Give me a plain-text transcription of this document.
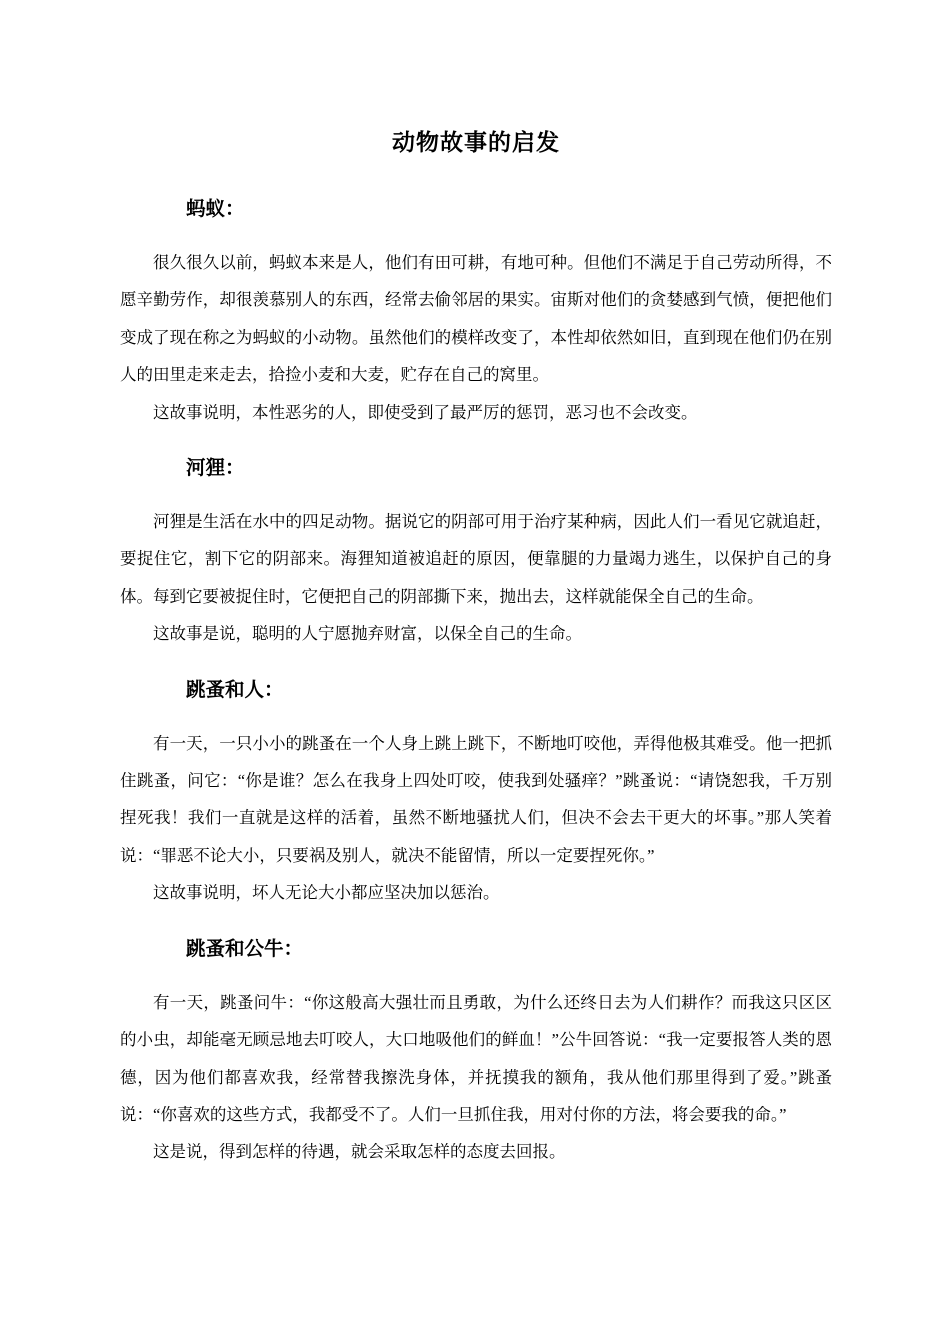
动物故事的启发
蚂蚁：

很久很久以前，蚂蚁本来是人，他们有田可耕，有地可种。但他们不满足于自己劳动所得，不愿辛勤劳作，却很羡慕别人的东西，经常去偷邻居的果实。宙斯对他们的贪婪感到气愤，便把他们变成了现在称之为蚂蚁的小动物。虽然他们的模样改变了，本性却依然如旧，直到现在他们仍在别人的田里走来走去，拾捡小麦和大麦，贮存在自己的窝里。

这故事说明，本性恶劣的人，即使受到了最严厉的惩罚，恶习也不会改变。

河狸：

河狸是生活在水中的四足动物。据说它的阴部可用于治疗某种病，因此人们一看见它就追赶，要捉住它，割下它的阴部来。海狸知道被追赶的原因，便靠腿的力量竭力逃生，以保护自己的身体。每到它要被捉住时，它便把自己的阴部撕下来，抛出去，这样就能保全自己的生命。

这故事是说，聪明的人宁愿抛弃财富，以保全自己的生命。

跳蚤和人：

有一天，一只小小的跳蚤在一个人身上跳上跳下，不断地叮咬他，弄得他极其难受。他一把抓住跳蚤，问它：“你是谁？怎么在我身上四处叮咬，使我到处骚痒？”跳蚤说：“请饶恕我，千万别捏死我！我们一直就是这样的活着，虽然不断地骚扰人们，但决不会去干更大的坏事。”那人笑着说：“罪恶不论大小，只要祸及别人，就决不能留情，所以一定要捏死你。”

这故事说明，坏人无论大小都应坚决加以惩治。

跳蚤和公牛：

有一天，跳蚤问牛：“你这般高大强壮而且勇敢，为什么还终日去为人们耕作？而我这只区区的小虫，却能毫无顾忌地去叮咬人，大口地吸他们的鲜血！”公牛回答说：“我一定要报答人类的恩德，因为他们都喜欢我，经常替我擦洗身体，并抚摸我的额角，我从他们那里得到了爱。”跳蚤说：“你喜欢的这些方式，我都受不了。人们一旦抓住我，用对付你的方法，将会要我的命。”

这是说，得到怎样的待遇，就会采取怎样的态度去回报。
